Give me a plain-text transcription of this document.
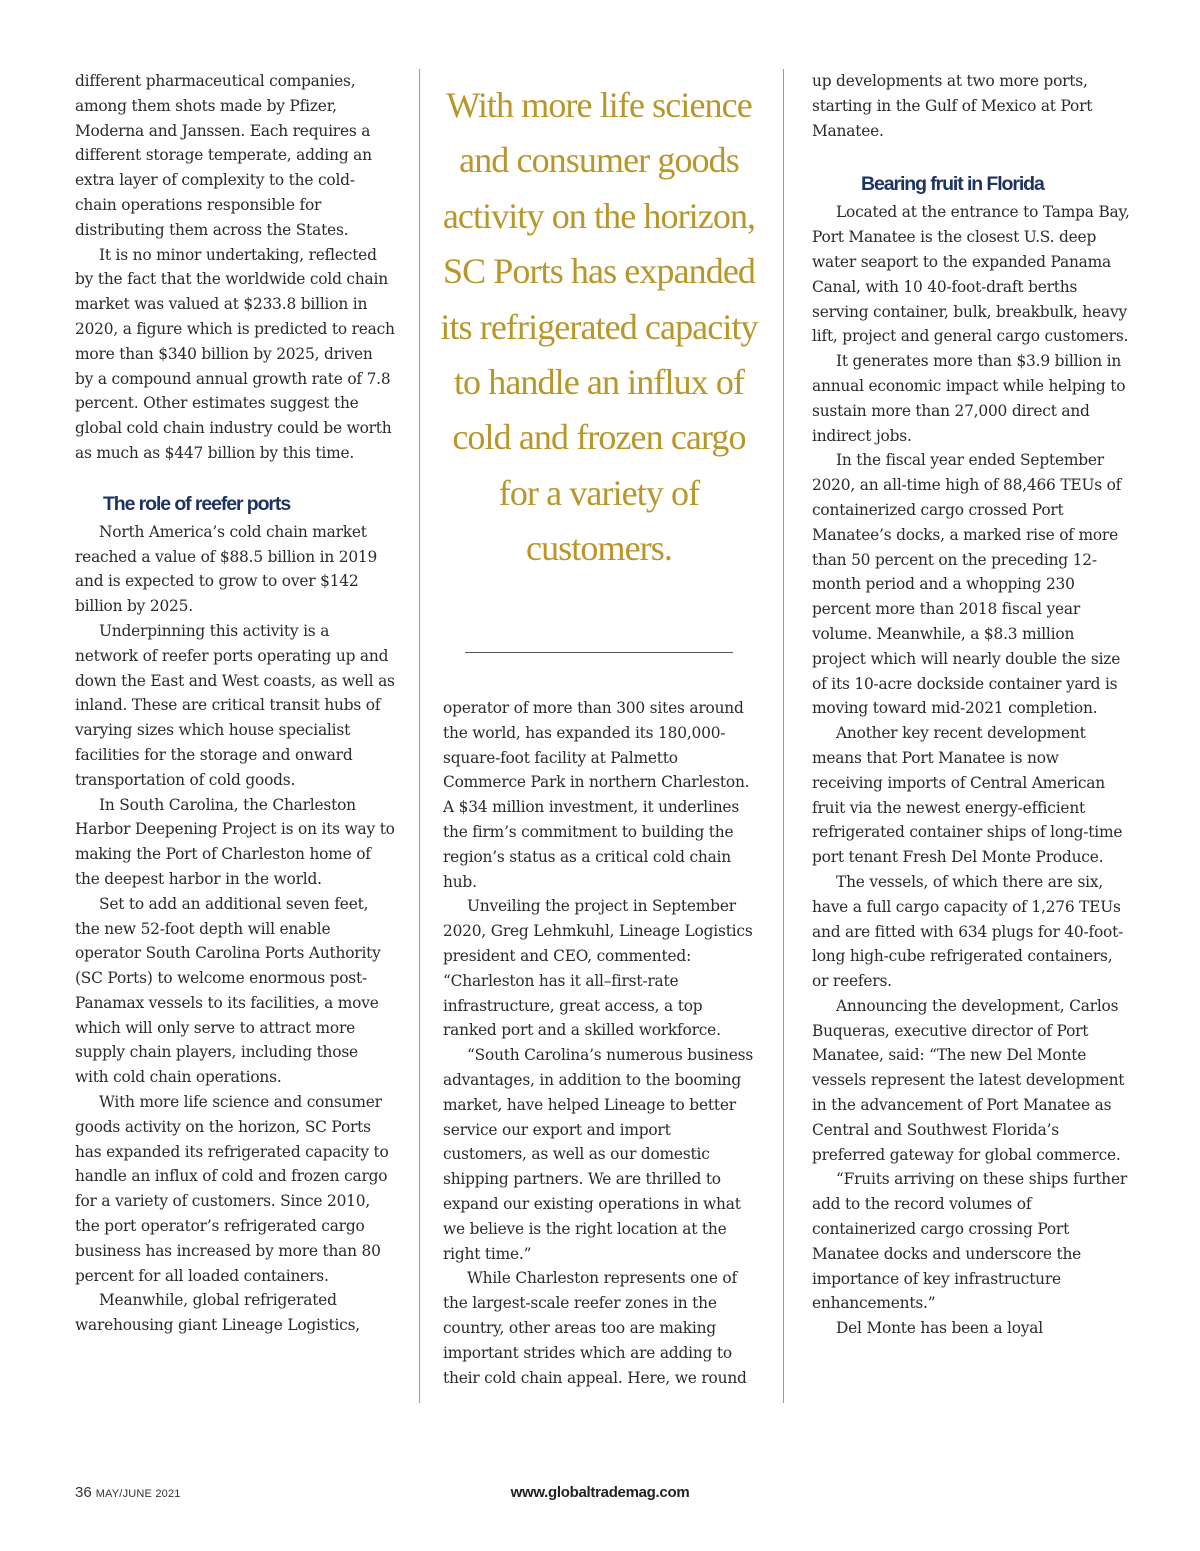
different pharmaceutical companies, among them shots made by Pfizer, Moderna and Janssen. Each requires a different storage temperate, adding an extra layer of complexity to the cold-chain operations responsible for distributing them across the States.

It is no minor undertaking, reflected by the fact that the worldwide cold chain market was valued at $233.8 billion in 2020, a figure which is predicted to reach more than $340 billion by 2025, driven by a compound annual growth rate of 7.8 percent. Other estimates suggest the global cold chain industry could be worth as much as $447 billion by this time.

The role of reefer ports

North America’s cold chain market reached a value of $88.5 billion in 2019 and is expected to grow to over $142 billion by 2025.

Underpinning this activity is a network of reefer ports operating up and down the East and West coasts, as well as inland. These are critical transit hubs of varying sizes which house specialist facilities for the storage and onward transportation of cold goods.

In South Carolina, the Charleston Harbor Deepening Project is on its way to making the Port of Charleston home of the deepest harbor in the world.

Set to add an additional seven feet, the new 52-foot depth will enable operator South Carolina Ports Authority (SC Ports) to welcome enormous post-Panamax vessels to its facilities, a move which will only serve to attract more supply chain players, including those with cold chain operations.

With more life science and consumer goods activity on the horizon, SC Ports has expanded its refrigerated capacity to handle an influx of cold and frozen cargo for a variety of customers. Since 2010, the port operator’s refrigerated cargo business has increased by more than 80 percent for all loaded containers.

Meanwhile, global refrigerated warehousing giant Lineage Logistics,

With more life science and consumer goods activity on the horizon, SC Ports has expanded its refrigerated capacity to handle an influx of cold and frozen cargo for a variety of customers.

operator of more than 300 sites around the world, has expanded its 180,000-square-foot facility at Palmetto Commerce Park in northern Charleston. A $34 million investment, it underlines the firm’s commitment to building the region’s status as a critical cold chain hub.

Unveiling the project in September 2020, Greg Lehmkuhl, Lineage Logistics president and CEO, commented: “Charleston has it all–first-rate infrastructure, great access, a top ranked port and a skilled workforce.

“South Carolina’s numerous business advantages, in addition to the booming market, have helped Lineage to better service our export and import customers, as well as our domestic shipping partners. We are thrilled to expand our existing operations in what we believe is the right location at the right time.”

While Charleston represents one of the largest-scale reefer zones in the country, other areas too are making important strides which are adding to their cold chain appeal. Here, we round

up developments at two more ports, starting in the Gulf of Mexico at Port Manatee.

Bearing fruit in Florida

Located at the entrance to Tampa Bay, Port Manatee is the closest U.S. deep water seaport to the expanded Panama Canal, with 10 40-foot-draft berths serving container, bulk, breakbulk, heavy lift, project and general cargo customers.

It generates more than $3.9 billion in annual economic impact while helping to sustain more than 27,000 direct and indirect jobs.

In the fiscal year ended September 2020, an all-time high of 88,466 TEUs of containerized cargo crossed Port Manatee’s docks, a marked rise of more than 50 percent on the preceding 12-month period and a whopping 230 percent more than 2018 fiscal year volume. Meanwhile, a $8.3 million project which will nearly double the size of its 10-acre dockside container yard is moving toward mid-2021 completion.

Another key recent development means that Port Manatee is now receiving imports of Central American fruit via the newest energy-efficient refrigerated container ships of long-time port tenant Fresh Del Monte Produce.

The vessels, of which there are six, have a full cargo capacity of 1,276 TEUs and are fitted with 634 plugs for 40-foot-long high-cube refrigerated containers, or reefers.

Announcing the development, Carlos Buqueras, executive director of Port Manatee, said: “The new Del Monte vessels represent the latest development in the advancement of Port Manatee as Central and Southwest Florida’s preferred gateway for global commerce.

“Fruits arriving on these ships further add to the record volumes of containerized cargo crossing Port Manatee docks and underscore the importance of key infrastructure enhancements.”

Del Monte has been a loyal

36 MAY/JUNE 2021	www.globaltrademag.com
